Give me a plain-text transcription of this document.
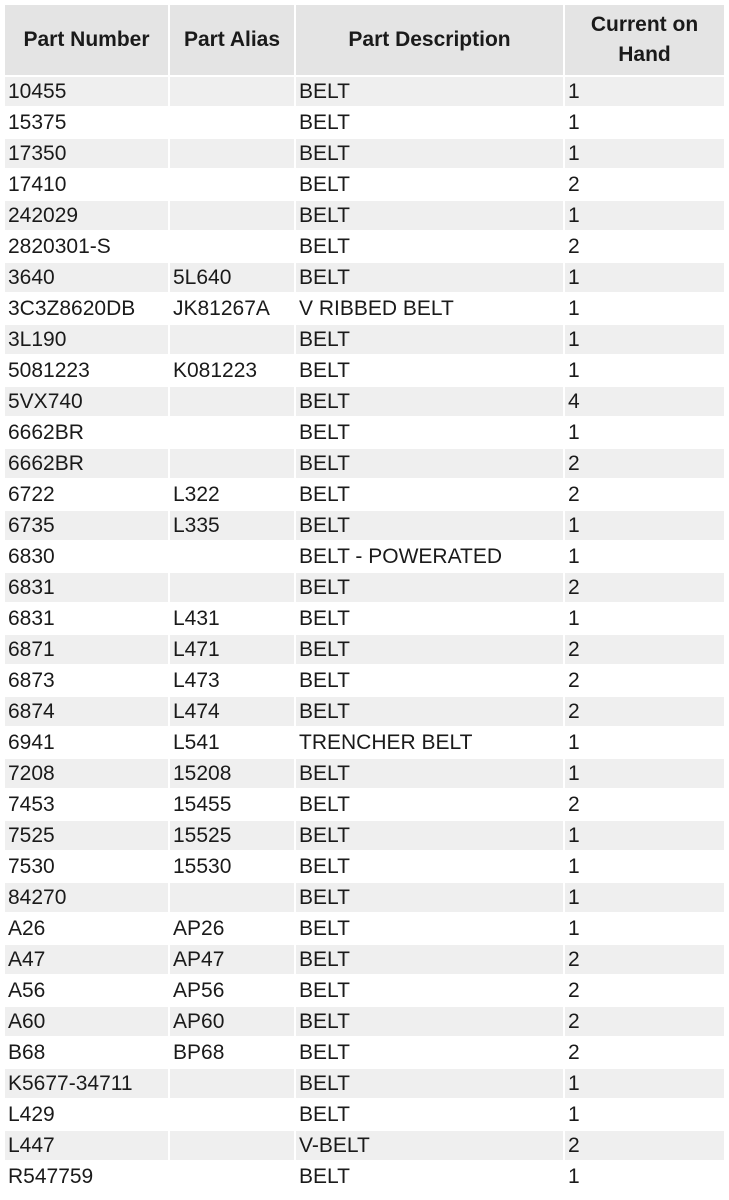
Part Number	Part Alias	Part Description	Current on Hand
10455		BELT	1
15375		BELT	1
17350		BELT	1
17410		BELT	2
242029		BELT	1
2820301-S		BELT	2
3640	5L640	BELT	1
3C3Z8620DB	JK81267A	V RIBBED BELT	1
3L190		BELT	1
5081223	K081223	BELT	1
5VX740		BELT	4
6662BR		BELT	1
6662BR		BELT	2
6722	L322	BELT	2
6735	L335	BELT	1
6830		BELT - POWERATED	1
6831		BELT	2
6831	L431	BELT	1
6871	L471	BELT	2
6873	L473	BELT	2
6874	L474	BELT	2
6941	L541	TRENCHER BELT	1
7208	15208	BELT	1
7453	15455	BELT	2
7525	15525	BELT	1
7530	15530	BELT	1
84270		BELT	1
A26	AP26	BELT	1
A47	AP47	BELT	2
A56	AP56	BELT	2
A60	AP60	BELT	2
B68	BP68	BELT	2
K5677-34711		BELT	1
L429		BELT	1
L447		V-BELT	2
R547759		BELT	1
